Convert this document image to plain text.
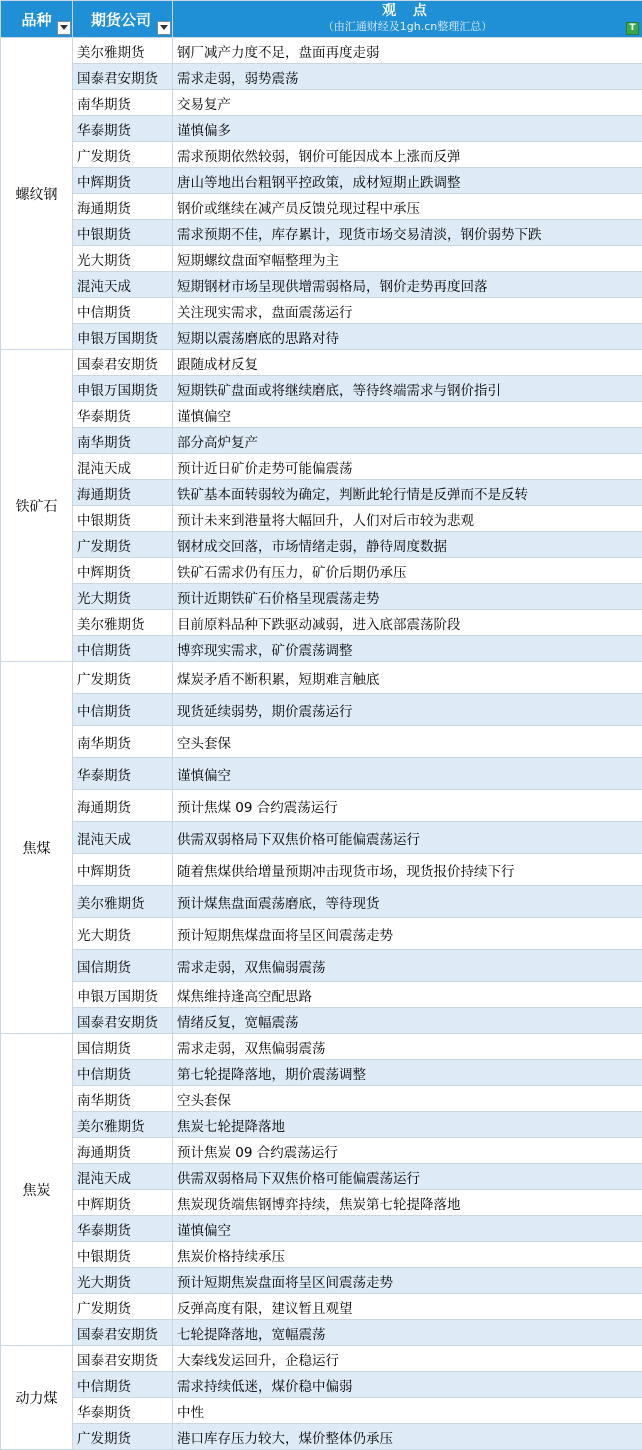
品种	期货公司	观 点
（由汇通财经及1gh.cn整理汇总） T

螺纹钢	美尔雅期货	钢厂减产力度不足，盘面再度走弱
	国泰君安期货	需求走弱，弱势震荡
	南华期货	交易复产
	华泰期货	谨慎偏多
	广发期货	需求预期依然较弱，钢价可能因成本上涨而反弹
	中辉期货	唐山等地出台粗钢平控政策，成材短期止跌调整
	海通期货	钢价或继续在减产员反馈兑现过程中承压
	中银期货	需求预期不佳，库存累计，现货市场交易清淡，钢价弱势下跌
	光大期货	短期螺纹盘面窄幅整理为主
	混沌天成	短期钢材市场呈现供增需弱格局，钢价走势再度回落
	中信期货	关注现实需求，盘面震荡运行
	申银万国期货	短期以震荡磨底的思路对待
铁矿石	国泰君安期货	跟随成材反复
	申银万国期货	短期铁矿盘面或将继续磨底，等待终端需求与钢价指引
	华泰期货	谨慎偏空
	南华期货	部分高炉复产
	混沌天成	预计近日矿价走势可能偏震荡
	海通期货	铁矿基本面转弱较为确定，判断此轮行情是反弹而不是反转
	中银期货	预计未来到港量将大幅回升，人们对后市较为悲观
	广发期货	钢材成交回落，市场情绪走弱，静待周度数据
	中辉期货	铁矿石需求仍有压力，矿价后期仍承压
	光大期货	预计近期铁矿石价格呈现震荡走势
	美尔雅期货	目前原料品种下跌驱动减弱，进入底部震荡阶段
	中信期货	博弈现实需求，矿价震荡调整
焦煤	广发期货	煤炭矛盾不断积累，短期难言触底
	中信期货	现货延续弱势，期价震荡运行
	南华期货	空头套保
	华泰期货	谨慎偏空
	海通期货	预计焦煤 09 合约震荡运行
	混沌天成	供需双弱格局下双焦价格可能偏震荡运行
	中辉期货	随着焦煤供给增量预期冲击现货市场，现货报价持续下行
	美尔雅期货	预计煤焦盘面震荡磨底，等待现货
	光大期货	预计短期焦煤盘面将呈区间震荡走势
	国信期货	需求走弱，双焦偏弱震荡
	申银万国期货	煤焦维持逢高空配思路
	国泰君安期货	情绪反复，宽幅震荡
焦炭	国信期货	需求走弱，双焦偏弱震荡
	中信期货	第七轮提降落地，期价震荡调整
	南华期货	空头套保
	美尔雅期货	焦炭七轮提降落地
	海通期货	预计焦炭 09 合约震荡运行
	混沌天成	供需双弱格局下双焦价格可能偏震荡运行
	中辉期货	焦炭现货端焦钢博弈持续，焦炭第七轮提降落地
	华泰期货	谨慎偏空
	中银期货	焦炭价格持续承压
	光大期货	预计短期焦炭盘面将呈区间震荡走势
	广发期货	反弹高度有限，建议暂且观望
	国泰君安期货	七轮提降落地，宽幅震荡
动力煤	国泰君安期货	大秦线发运回升，企稳运行
	中信期货	需求持续低迷，煤价稳中偏弱
	华泰期货	中性
	广发期货	港口库存压力较大，煤价整体仍承压
